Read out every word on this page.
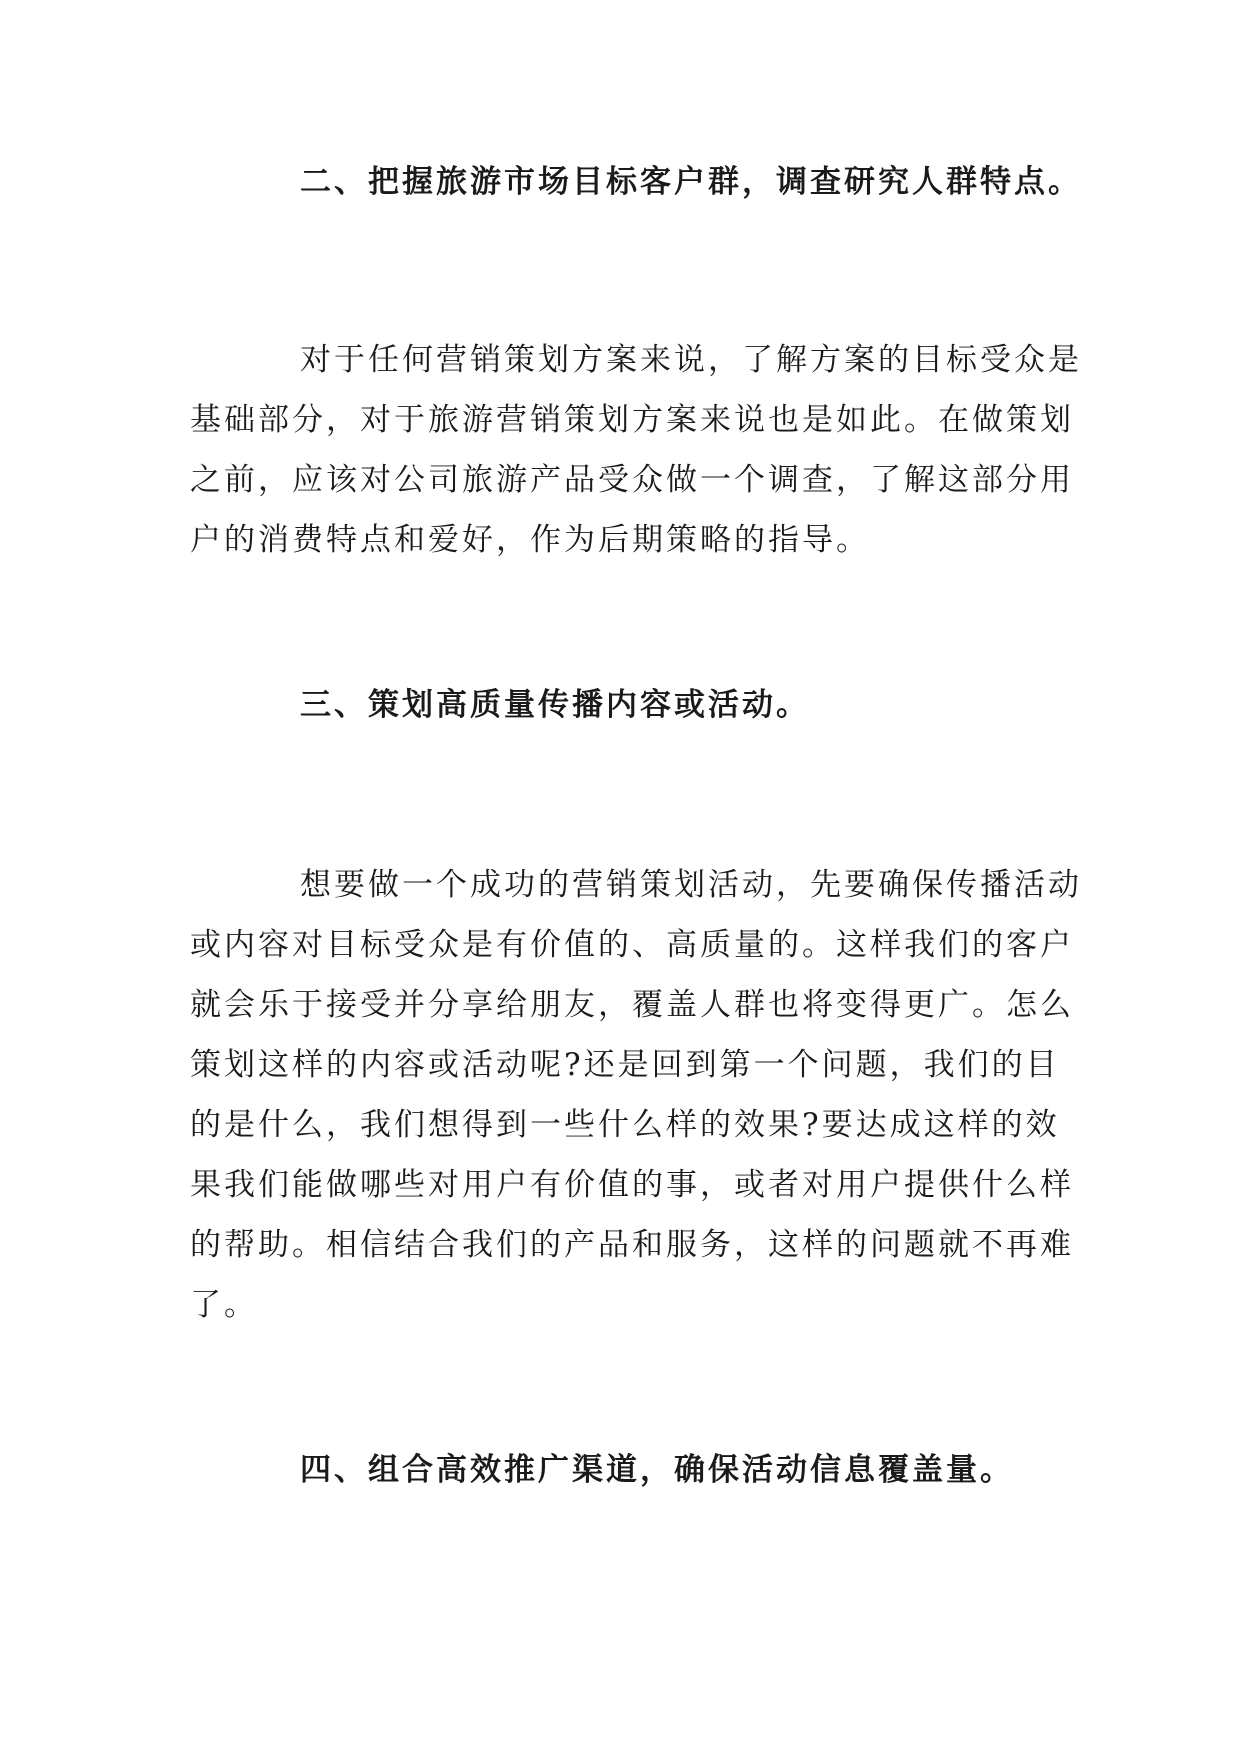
二、把握旅游市场目标客户群，调查研究人群特点。

对于任何营销策划方案来说，了解方案的目标受众是
基础部分，对于旅游营销策划方案来说也是如此。在做策划
之前，应该对公司旅游产品受众做一个调查，了解这部分用
户的消费特点和爱好，作为后期策略的指导。

三、策划高质量传播内容或活动。

想要做一个成功的营销策划活动，先要确保传播活动
或内容对目标受众是有价值的、高质量的。这样我们的客户
就会乐于接受并分享给朋友，覆盖人群也将变得更广。怎么
策划这样的内容或活动呢?还是回到第一个问题，我们的目
的是什么，我们想得到一些什么样的效果?要达成这样的效
果我们能做哪些对用户有价值的事，或者对用户提供什么样
的帮助。相信结合我们的产品和服务，这样的问题就不再难
了。

四、组合高效推广渠道，确保活动信息覆盖量。
